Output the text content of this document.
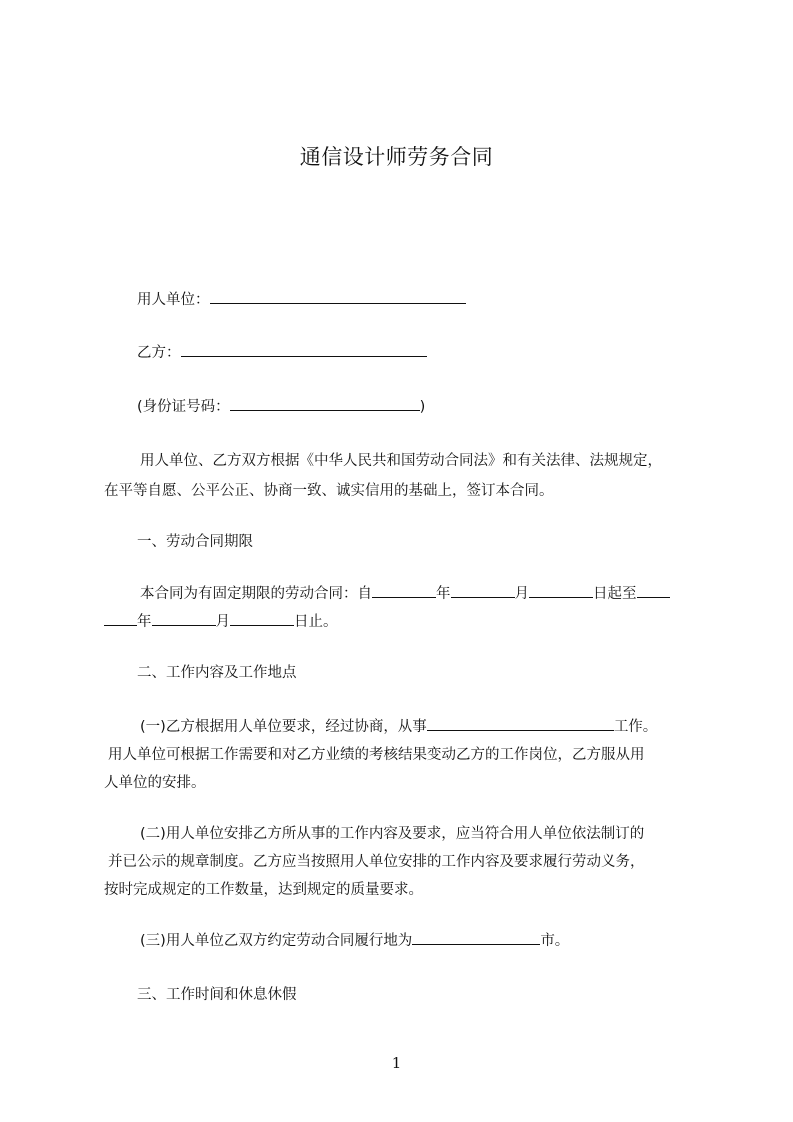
通信设计师劳务合同

用人单位：

乙方：

(身份证号码：	)

用人单位、乙方双方根据《中华人民共和国劳动合同法》和有关法律、法规规定，

在平等自愿、公平公正、协商一致、诚实信用的基础上，签订本合同。

一、劳动合同期限

本合同为有固定期限的劳动合同：自	年	月	日起至

年	月	日止。

二、工作内容及工作地点

(一)乙方根据用人单位要求，经过协商，从事	工作。

用人单位可根据工作需要和对乙方业绩的考核结果变动乙方的工作岗位，乙方服从用

人单位的安排。

(二)用人单位安排乙方所从事的工作内容及要求，应当符合用人单位依法制订的

并已公示的规章制度。乙方应当按照用人单位安排的工作内容及要求履行劳动义务，

按时完成规定的工作数量，达到规定的质量要求。

(三)用人单位乙双方约定劳动合同履行地为	市。

三、工作时间和休息休假

1
